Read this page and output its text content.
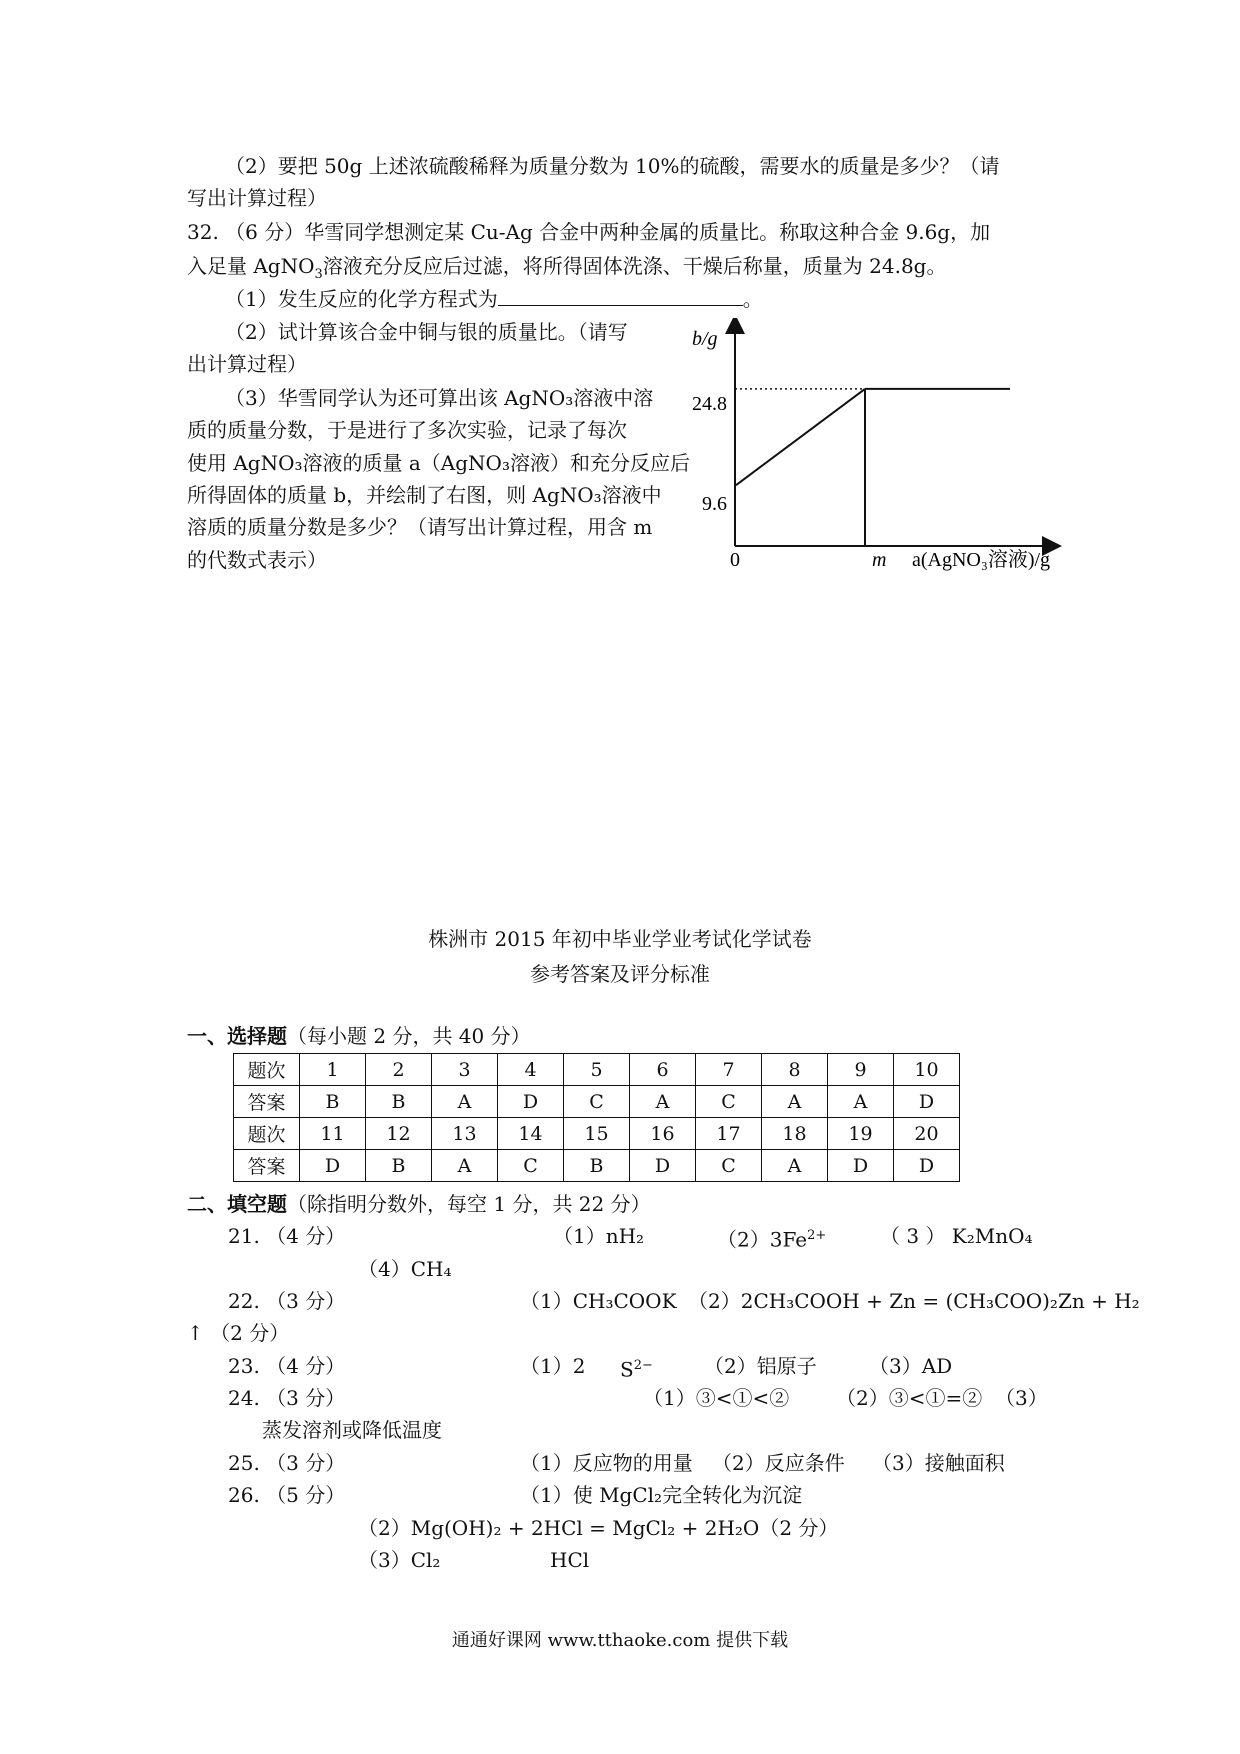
（2）要把 50g 上述浓硫酸稀释为质量分数为 10%的硫酸，需要水的质量是多少？（请
写出计算过程）
32. （6 分）华雪同学想测定某 Cu-Ag 合金中两种金属的质量比。称取这种合金 9.6g，加
入足量 AgNO$_3$溶液充分反应后过滤，将所得固体洗涤、干燥后称量，质量为 24.8g。
（1）发生反应的化学方程式为	。
（2）试计算该合金中铜与银的质量比。（请写
出计算过程）
（3）华雪同学认为还可算出该 AgNO₃溶液中溶
质的质量分数，于是进行了多次实验，记录了每次
使用 AgNO₃溶液的质量 a（AgNO₃溶液）和充分反应后
所得固体的质量 b，并绘制了右图，则 AgNO₃溶液中
溶质的质量分数是多少？（请写出计算过程，用含 m
的代数式表示）
b/g
0	m a(AgNO₃溶液)/g
9.6
24.8
株洲市 2015 年初中毕业学业考试化学试卷
参考答案及评分标准
一、选择题（每小题 2 分，共 40 分）
题次	1	2	3	4	5	6	7	8	9	10
答案	B	B	A	D	C	A	C	A	A	D
题次	11	12	13	14	15	16	17	18	19	20
答案	D	B	A	C	B	D	C	A	D	D
二、填空题（除指明分数外，每空 1 分，共 22 分）
21. （4 分）	（1）nH₂	$(2)3Fe^{2+}$	（ 3 ） K₂MnO₄
（4）CH₄
22. （3 分）	（1）CH₃COOK （2）2CH₃COOH + Zn = (CH₃COO)₂Zn + H₂
↑ （2 分）
23. （4 分）	（1）2 $S^{2-}$	（2）铝原子	（3）AD
24. （3 分）	（1）③<①<② （2）③<①=② （3）
蒸发溶剂或降低温度
25. （3 分）	（1）反应物的用量 （2）反应条件 （3）接触面积
26. （5 分）	（1）使 MgCl₂完全转化为沉淀
（2）Mg(OH)₂ + 2HCl = MgCl₂ + 2H₂O（2 分）
（3）Cl₂	HCl
通通好课网 www.tthaoke.com 提供下载
